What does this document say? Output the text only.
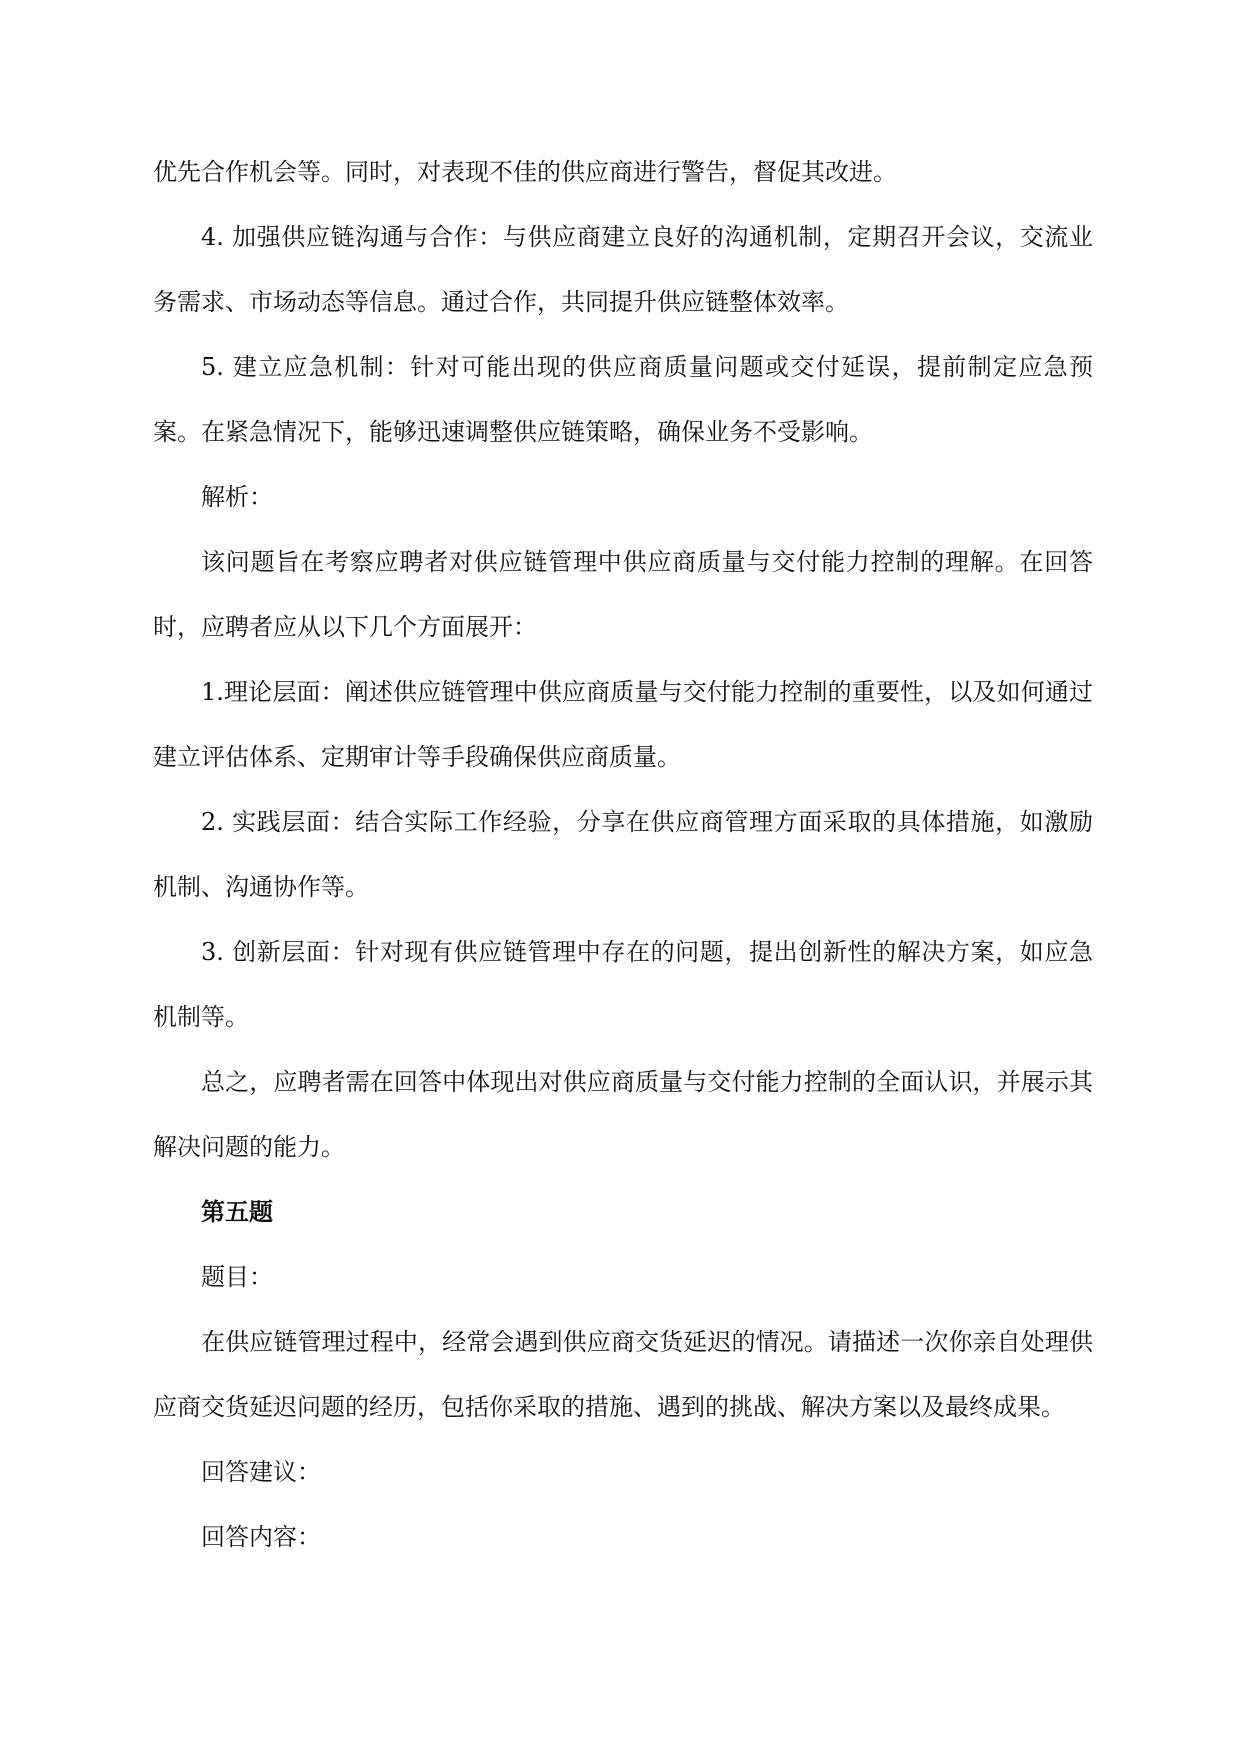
优先合作机会等。同时，对表现不佳的供应商进行警告，督促其改进。

4. 加强供应链沟通与合作：与供应商建立良好的沟通机制，定期召开会议，交流业务需求、市场动态等信息。通过合作，共同提升供应链整体效率。

5. 建立应急机制：针对可能出现的供应商质量问题或交付延误，提前制定应急预案。在紧急情况下，能够迅速调整供应链策略，确保业务不受影响。

解析：

该问题旨在考察应聘者对供应链管理中供应商质量与交付能力控制的理解。在回答时，应聘者应从以下几个方面展开：

1.理论层面：阐述供应链管理中供应商质量与交付能力控制的重要性，以及如何通过建立评估体系、定期审计等手段确保供应商质量。

2. 实践层面：结合实际工作经验，分享在供应商管理方面采取的具体措施，如激励机制、沟通协作等。

3. 创新层面：针对现有供应链管理中存在的问题，提出创新性的解决方案，如应急机制等。

总之，应聘者需在回答中体现出对供应商质量与交付能力控制的全面认识，并展示其解决问题的能力。

第五题

题目：

在供应链管理过程中，经常会遇到供应商交货延迟的情况。请描述一次你亲自处理供应商交货延迟问题的经历，包括你采取的措施、遇到的挑战、解决方案以及最终成果。

回答建议：

回答内容：
